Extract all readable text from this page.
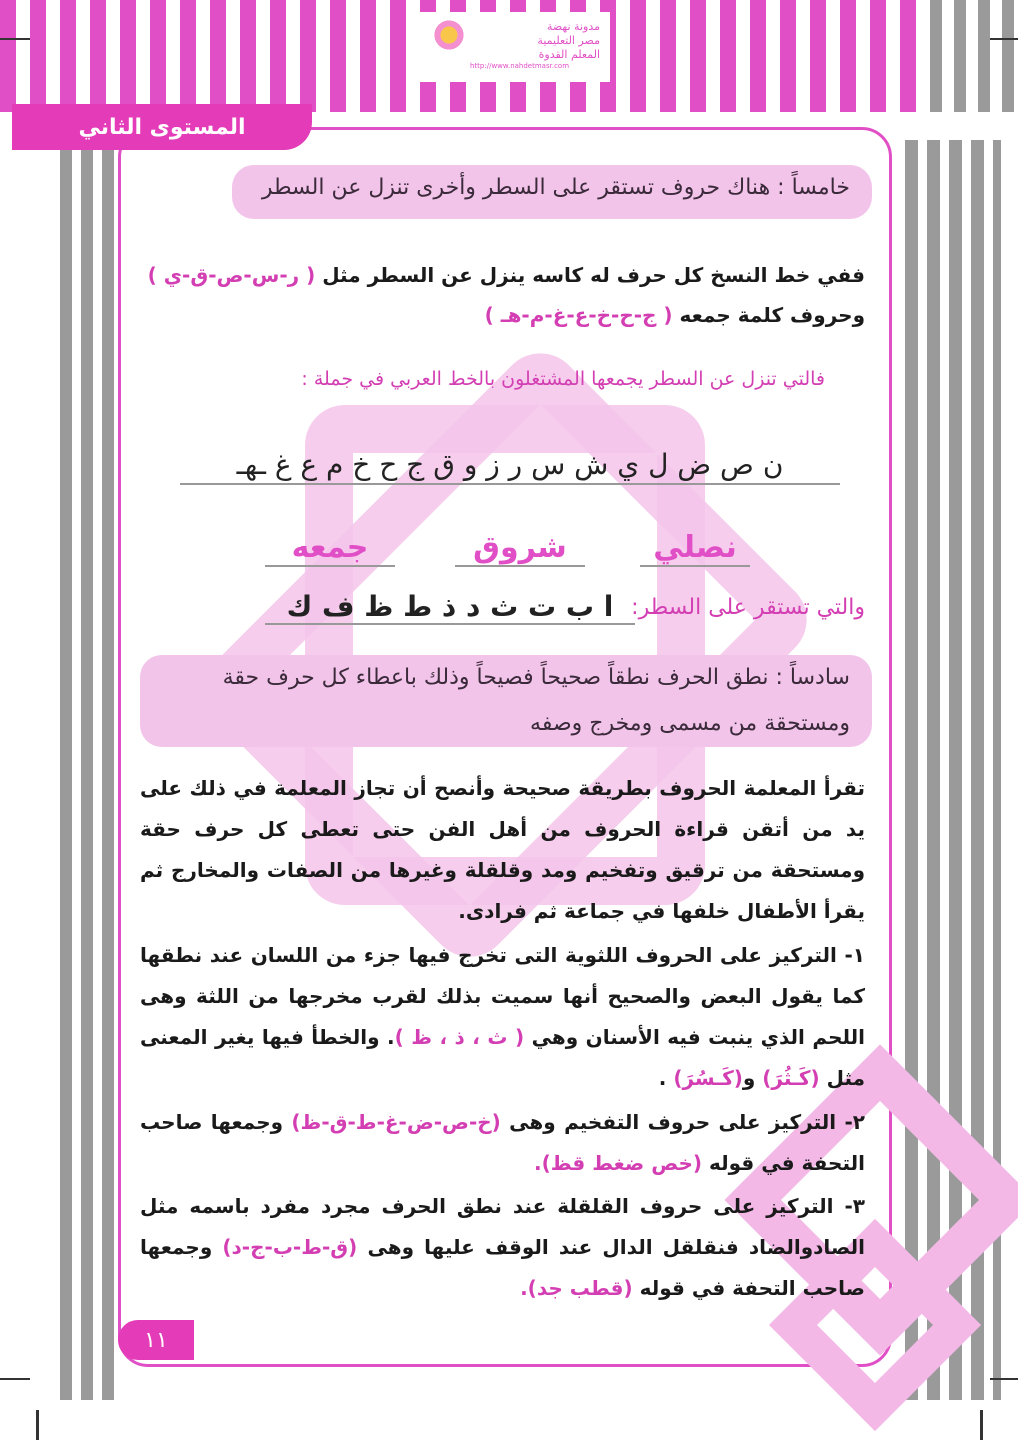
مدونة نهضة
مصر التعليمية
المعلم القدوة
http://www.nahdetmasr.com
المستوى الثاني
خامساً : هناك حروف تستقر على السطر وأخرى تنزل عن السطر
ففي خط النسخ كل حرف له كاسه ينزل عن السطر مثل ( ر-س-ص-ق-ي )
وحروف كلمة جمعه ( ج-ح-خ-ع-غ-م-هـ )
فالتي تنزل عن السطر يجمعها المشتغلون بالخط العربي في جملة :
ن ص ض ل ي ش س ر ز و ق ج ح خ م ع غ ـهـ
نصلي
شروق
جمعه
والتي تستقر على السطر:
ا ب ت ث د ذ ط ظ ف ك
سادساً : نطق الحرف نطقاً صحيحاً فصيحاً وذلك باعطاء كل حرف حقة
ومستحقة من مسمى ومخرج وصفه
تقرأ المعلمة الحروف بطريقة صحيحة وأنصح أن تجاز المعلمة في ذلك على يد من أتقن قراءة الحروف من أهل الفن حتى تعطى كل حرف حقة ومستحقة من ترقيق وتفخيم ومد وقلقلة وغيرها من الصفات والمخارج ثم يقرأ الأطفال خلفها في جماعة ثم فرادى.
١- التركيز على الحروف اللثوية التى تخرج فيها جزء من اللسان عند نطقها كما يقول البعض والصحيح أنها سميت بذلك لقرب مخرجها من اللثة وهى اللحم الذي ينبت فيه الأسنان وهي ( ث ، ذ ، ظ ). والخطأ فيها يغير المعنى مثل (كَـثُرَ) و(كَـسُرَ) .
٢- التركيز على حروف التفخيم وهى (خ-ص-ض-غ-ط-ق-ظ) وجمعها صاحب التحفة في قوله (خص ضغط قظ).
٣- التركيز على حروف القلقلة عند نطق الحرف مجرد مفرد باسمه مثل الصادوالضاد فنقلقل الدال عند الوقف عليها وهى (ق-ط-ب-ج-د) وجمعها صاحب التحفة في قوله (قطب جد).
١١
